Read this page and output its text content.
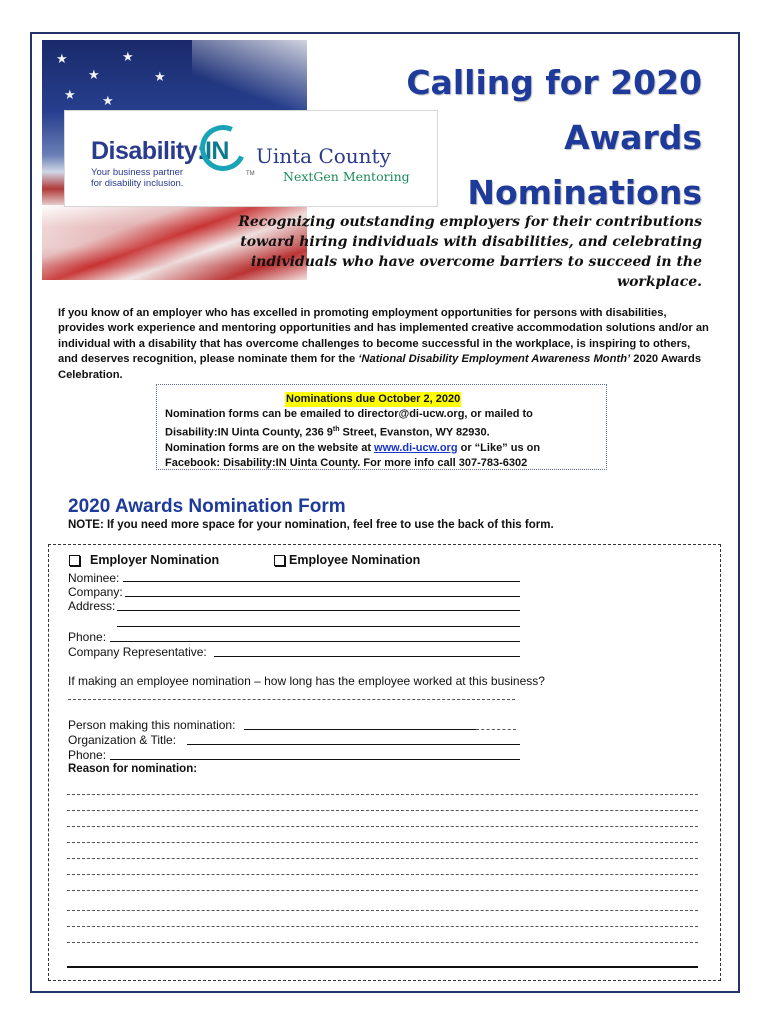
★
★
★
★
★ ★
Disability:IN
Your business partner
for disability inclusion.
TM
Uinta County
NextGen Mentoring
Calling for 2020
Awards
Nominations
Recognizing outstanding employers for their contributions toward hiring individuals with disabilities, and celebrating individuals who have overcome barriers to succeed in the workplace.
If you know of an employer who has excelled in promoting employment opportunities for persons with disabilities, provides work experience and mentoring opportunities and has implemented creative accommodation solutions and/or an individual with a disability that has overcome challenges to become successful in the workplace, is inspiring to others, and deserves recognition, please nominate them for the ‘National Disability Employment Awareness Month’ 2020 Awards Celebration.
Nominations due October 2, 2020
Nomination forms can be emailed to director@di-ucw.org, or mailed to
Disability:IN Uinta County, 236 9th Street, Evanston, WY 82930.
Nomination forms are on the website at www.di-ucw.org or “Like” us on
Facebook: Disability:IN Uinta County. For more info call 307-783-6302
2020 Awards Nomination Form
NOTE: If you need more space for your nomination, feel free to use the back of this form.
Employer Nomination	Employee Nomination
Nominee:
Company:
Address:
Phone:
Company Representative:
If making an employee nomination – how long has the employee worked at this business?
Person making this nomination:
Organization & Title:
Phone:
Reason for nomination:
